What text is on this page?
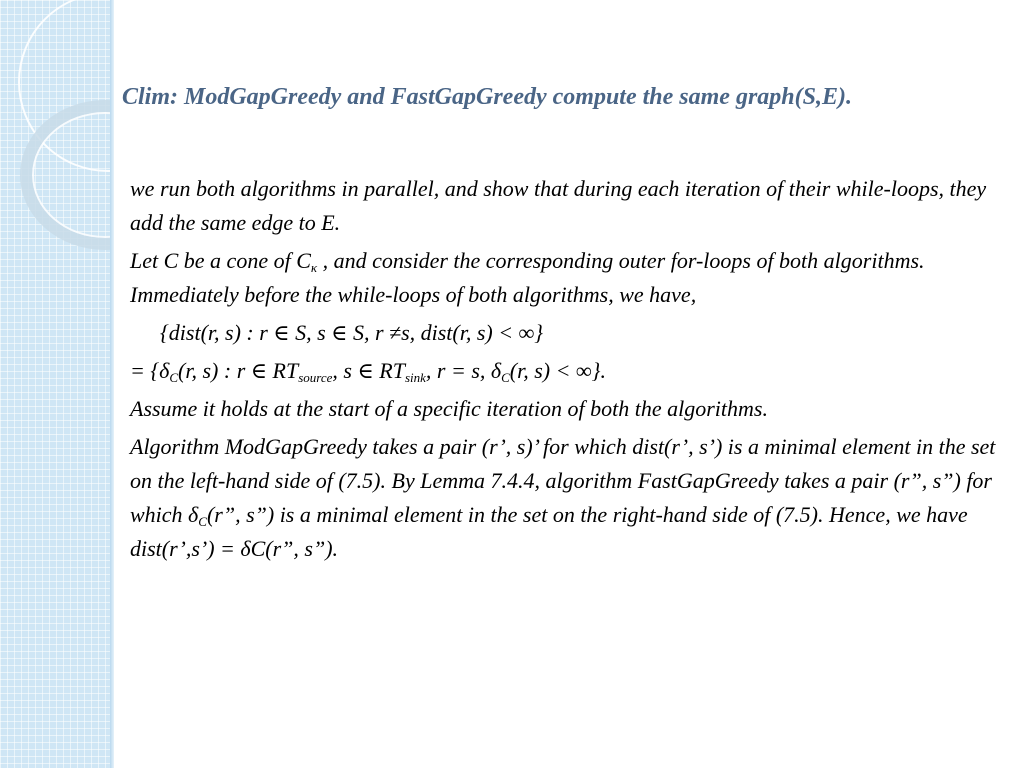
Clim: ModGapGreedy and FastGapGreedy compute the same graph(S,E).

we run both algorithms in parallel, and show that during each iteration of their while-loops, they add the same edge to E.

Let C be a cone of $C_\kappa$ , and consider the corresponding outer for-loops of both algorithms. Immediately before the while-loops of both algorithms, we have,

{dist(r, s) : r ∈ S, s ∈ S, r ≠s, dist(r, s) < ∞}

= {$\delta_C(r$, s) : r ∈ $RT_{source}$, s ∈ $RT_{sink}$, r = s, $\delta_C(r$, s) < ∞}.

Assume it holds at the start of a specific iteration of both the algorithms.

Algorithm ModGapGreedy takes a pair (r’, s)’ for which dist(r’, s’) is a minimal element in the set on the left-hand side of (7.5). By Lemma 7.4.4, algorithm FastGapGreedy takes a pair (r”, s”) for which $\delta_C(r$”, s”) is a minimal element in the set on the right-hand side of (7.5). Hence, we have dist(r’,s’) = δC(r”, s”).
